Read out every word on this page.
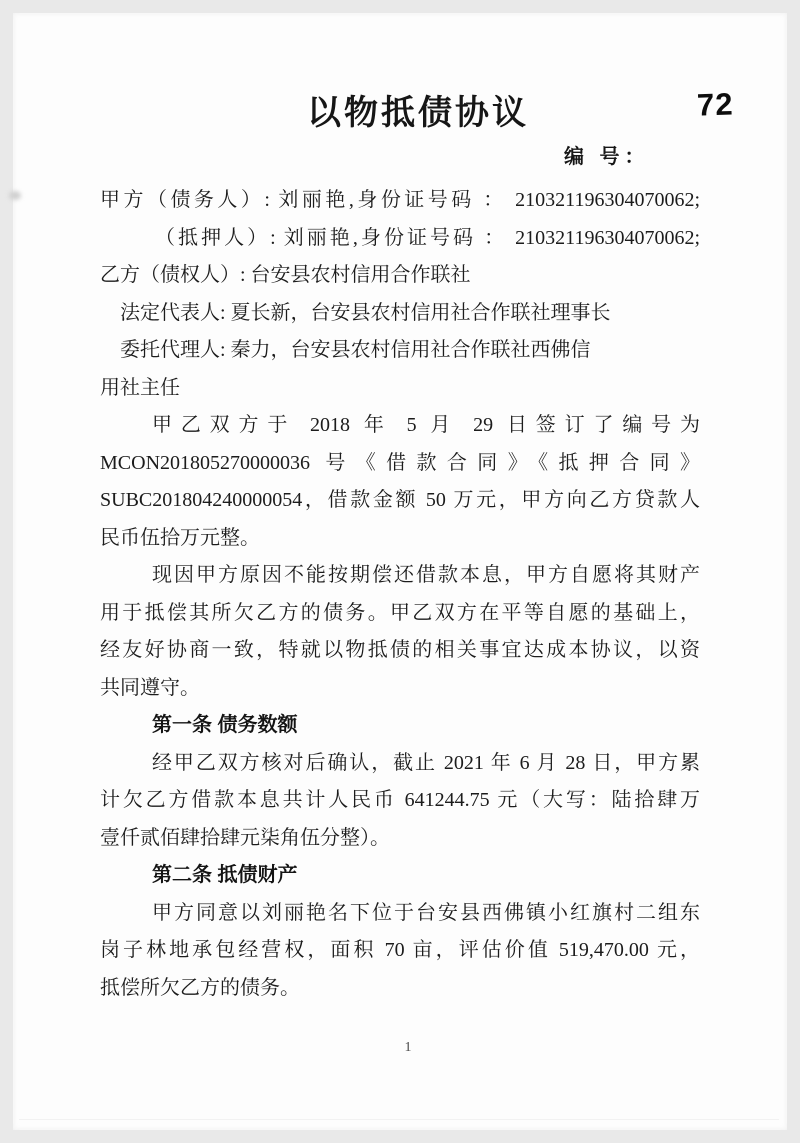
以物抵债协议	72
编 号：
甲方（债务人）: 刘丽艳,身份证号码 ： 210321196304070062;
（抵押人）: 刘丽艳,身份证号码 ： 210321196304070062;
乙方（债权人）: 台安县农村信用合作联社
法定代表人: 夏长新，台安县农村信用社合作联社理事长
委托代理人: 秦力，台安县农村信用社合作联社西佛信
用社主任
甲乙双方于 2018 年 5 月 29 日签订了编号为
MCON201805270000036 号《借款合同》《抵押合同》
SUBC201804240000054，借款金额 50 万元，甲方向乙方贷款人
民币伍拾万元整。
现因甲方原因不能按期偿还借款本息，甲方自愿将其财产
用于抵偿其所欠乙方的债务。甲乙双方在平等自愿的基础上，
经友好协商一致，特就以物抵债的相关事宜达成本协议，以资
共同遵守。
第一条 债务数额
经甲乙双方核对后确认，截止 2021 年 6 月 28 日，甲方累
计欠乙方借款本息共计人民币 641244.75 元（大写：陆拾肆万
壹仟贰佰肆拾肆元柒角伍分整）。
第二条 抵债财产
甲方同意以刘丽艳名下位于台安县西佛镇小红旗村二组东
岗子林地承包经营权，面积 70 亩，评估价值 519,470.00 元，
抵偿所欠乙方的债务。
1
